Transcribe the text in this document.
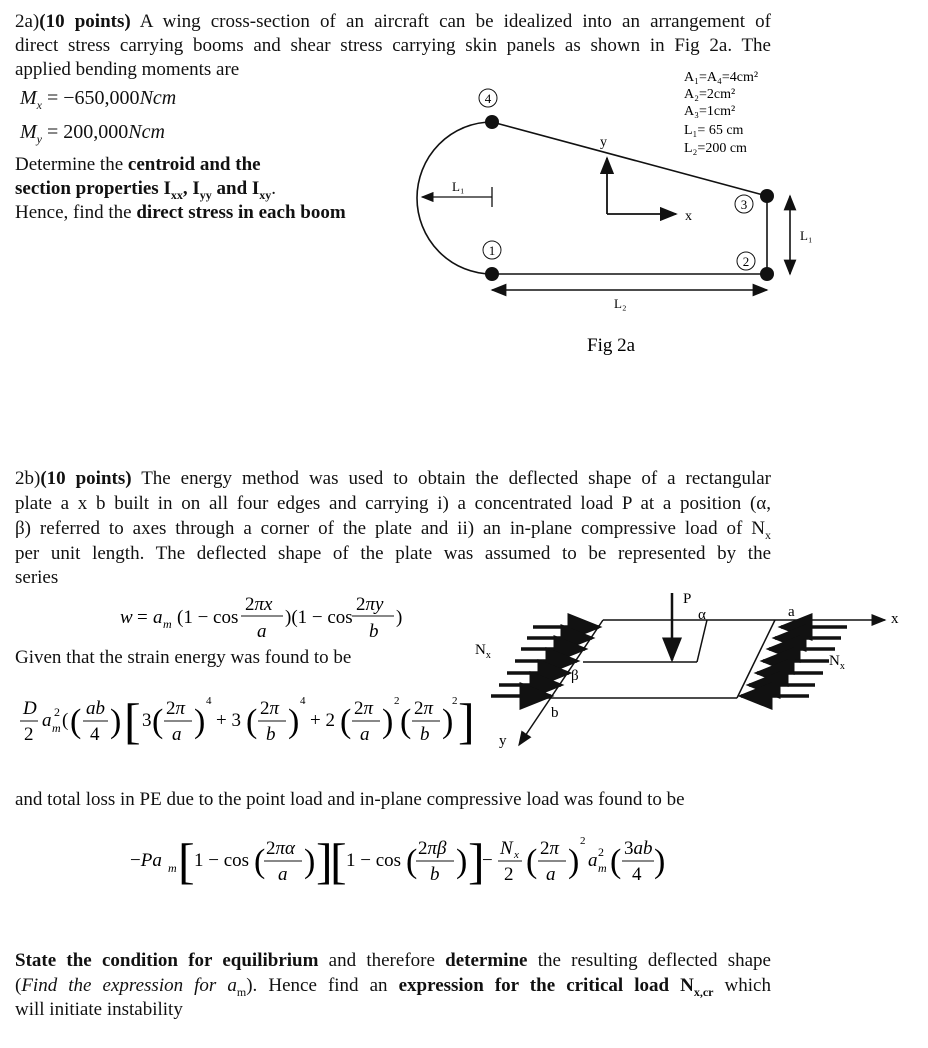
2a)(10 points) A wing cross-section of an aircraft can be idealized into an arrangement of
direct stress carrying booms and shear stress carrying skin panels as shown in Fig 2a. The
applied bending moments are
$M_x = -650,000Ncm$
$M_y = 200,000Ncm$
Determine the centroid and the
section properties $I_{xx}$, $I_{yy}$ and $I_{xy}$.
Hence, find the direct stress in each boom
4
3
1
2
L₁
y
x
L₁
L₂
Fig 2a
A₁=A₄=4cm²
A₂=2cm²
A₃=1cm²
L₁= 65 cm
L₂=200 cm
2b)(10 points) The energy method was used to obtain the deflected shape of a rectangular
plate a x b built in on all four edges and carrying i) a concentrated load P at a position (α,
β) referred to axes through a corner of the plate and ii) an in-plane compressive load of $N_x$
per unit length. The deflected shape of the plate was assumed to be represented by the
series
w = a m (1 − cos
2πx
a
)(1 − cos
2πy
b
)
Given that the strain energy was found to be
D
2
a m
2 ( ( ab
4 ) [ 3 ( 2π
a )
4
+ 3 ( 2π
b )
4
+ 2 ( 2π
a )
2
( 2π
b )
2 ]
P
α	a	x
β
b
y
$N_x$	$N_x$
and total loss in PE due to the point load and in-plane compressive load was found to be
−Pa m [ 1 − cos ( 2πα
a ) ]
[ 1 − cos ( 2πβ
b ) ]
−
N x
2 ( 2π
a )
2
a m
2 ( 3ab
4 )
State the condition for equilibrium and therefore determine the resulting deflected shape
(Find the expression for $a_m$). Hence find an expression for the critical load $N_{x,cr}$ which
will initiate instability
